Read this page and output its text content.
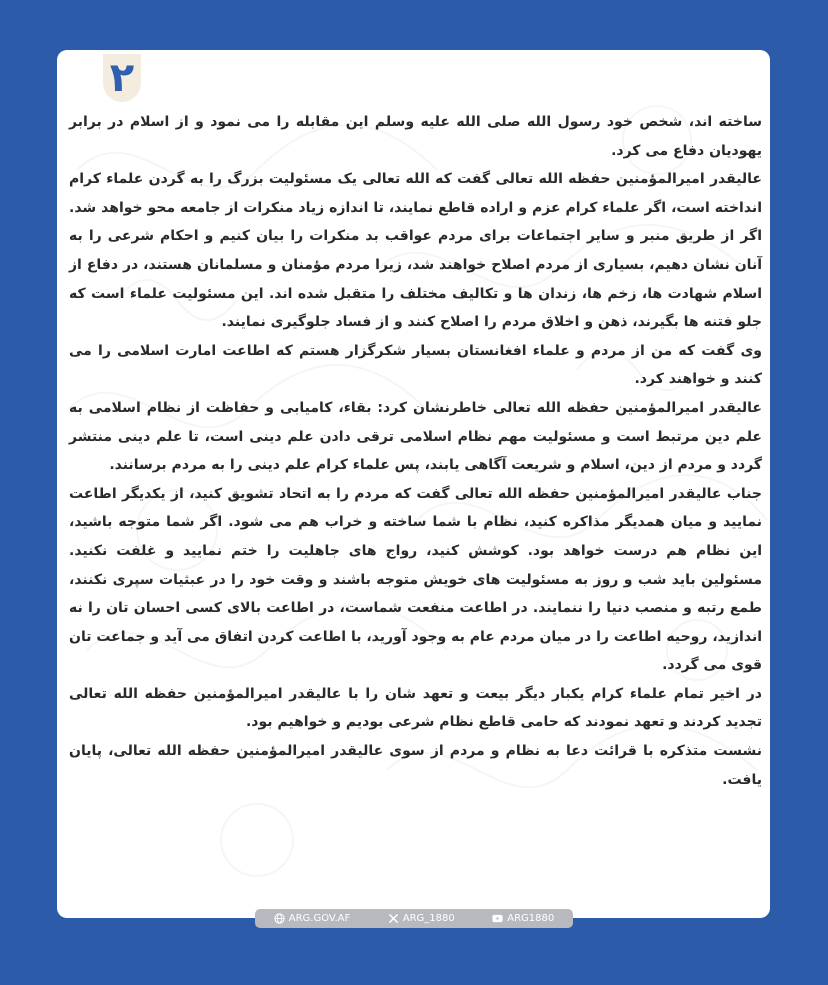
۲

ساخته اند، شخص خود رسول الله صلی الله علیه وسلم این مقابله را می نمود و از اسلام در برابر یهودیان دفاع می کرد.

عالیقدر امیرالمؤمنین حفظه الله تعالی گفت که الله تعالی یک مسئولیت بزرگ را به گردن علماء کرام انداخته است، اگر علماء کرام عزم و اراده قاطع نمایند، تا اندازه زیاد منکرات از جامعه محو خواهد شد. اگر از طریق منبر و سایر اجتماعات برای مردم عواقب بد منکرات را بیان کنیم و احکام شرعی را به آنان نشان دهیم، بسیاری از مردم اصلاح خواهند شد، زیرا مردم مؤمنان و مسلمانان هستند، در دفاع از اسلام شهادت ها، زخم ها، زندان ها و تکالیف مختلف را متقبل شده اند. این مسئولیت علماء است که جلو فتنه ها بگیرند، ذهن و اخلاق مردم را اصلاح کنند و از فساد جلوگیری نمایند.

وی گفت که من از مردم و علماء افغانستان بسیار شکرگزار هستم که اطاعت امارت اسلامی را می کنند و خواهند کرد.

عالیقدر امیرالمؤمنین حفظه الله تعالی خاطرنشان کرد: بقاء، کامیابی و حفاظت از نظام اسلامی به علم دین مرتبط است و مسئولیت مهم نظام اسلامی ترقی دادن علم دینی است، تا علم دینی منتشر گردد و مردم از دین، اسلام و شریعت آگاهی یابند، پس علماء کرام علم دینی را به مردم برسانند.

جناب عالیقدر امیرالمؤمنین حفظه الله تعالی گفت که مردم را به اتحاد تشویق کنید، از یکدیگر اطاعت نمایید و میان همدیگر مذاکره کنید، نظام با شما ساخته و خراب هم می شود. اگر شما متوجه باشید، این نظام هم درست خواهد بود. کوشش کنید، رواج های جاهلیت را ختم نمایید و غلفت نکنید. مسئولین باید شب و روز به مسئولیت های خویش متوجه باشند و وقت خود را در عبثیات سپری نکنند، طمع رتبه و منصب دنیا را ننمایند. در اطاعت منفعت شماست، در اطاعت بالای کسی احسان تان را نه اندازید، روحیه اطاعت را در میان مردم عام به وجود آورید، با اطاعت کردن اتفاق می آید و جماعت تان قوی می گردد.

در اخیر تمام علماء کرام یکبار دیگر بیعت و تعهد شان را با عالیقدر امیرالمؤمنین حفظه الله تعالی تجدید کردند و تعهد نمودند که حامی قاطع نظام شرعی بودیم و خواهیم بود.

نشست متذکره با قرائت دعا به نظام و مردم از سوی عالیقدر امیرالمؤمنین حفظه الله تعالی، پایان یافت.

ARG.GOV.AF	ARG_1880	ARG1880
